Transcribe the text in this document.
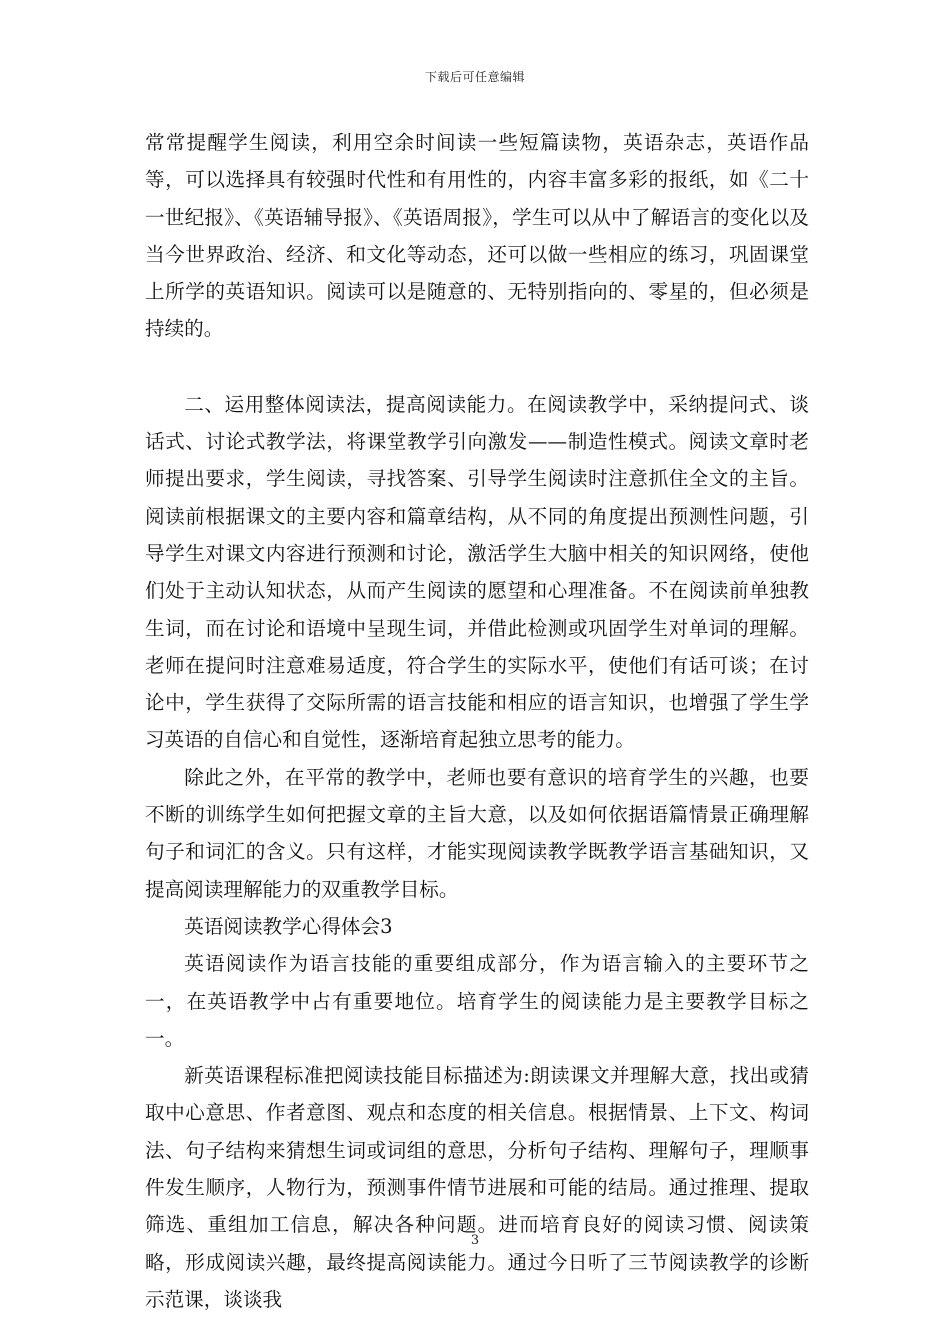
下载后可任意编辑

常常提醒学生阅读，利用空余时间读一些短篇读物，英语杂志，英语作品等，可以选择具有较强时代性和有用性的，内容丰富多彩的报纸，如《二十一世纪报》、《英语辅导报》、《英语周报》，学生可以从中了解语言的变化以及当今世界政治、经济、和文化等动态，还可以做一些相应的练习，巩固课堂上所学的英语知识。阅读可以是随意的、无特别指向的、零星的，但必须是持续的。

二、运用整体阅读法，提高阅读能力。在阅读教学中，采纳提问式、谈话式、讨论式教学法，将课堂教学引向激发——制造性模式。阅读文章时老师提出要求，学生阅读，寻找答案、引导学生阅读时注意抓住全文的主旨。阅读前根据课文的主要内容和篇章结构，从不同的角度提出预测性问题，引导学生对课文内容进行预测和讨论，激活学生大脑中相关的知识网络，使他们处于主动认知状态，从而产生阅读的愿望和心理准备。不在阅读前单独教生词，而在讨论和语境中呈现生词，并借此检测或巩固学生对单词的理解。老师在提问时注意难易适度，符合学生的实际水平，使他们有话可谈；在讨论中，学生获得了交际所需的语言技能和相应的语言知识，也增强了学生学习英语的自信心和自觉性，逐渐培育起独立思考的能力。

除此之外，在平常的教学中，老师也要有意识的培育学生的兴趣，也要不断的训练学生如何把握文章的主旨大意，以及如何依据语篇情景正确理解句子和词汇的含义。只有这样，才能实现阅读教学既教学语言基础知识，又提高阅读理解能力的双重教学目标。

英语阅读教学心得体会3

英语阅读作为语言技能的重要组成部分，作为语言输入的主要环节之一，在英语教学中占有重要地位。培育学生的阅读能力是主要教学目标之一。

新英语课程标准把阅读技能目标描述为:朗读课文并理解大意，找出或猜取中心意思、作者意图、观点和态度的相关信息。根据情景、上下文、构词法、句子结构来猜想生词或词组的意思，分析句子结构、理解句子，理顺事件发生顺序，人物行为，预测事件情节进展和可能的结局。通过推理、提取筛选、重组加工信息，解决各种问题。进而培育良好的阅读习惯、阅读策略，形成阅读兴趣，最终提高阅读能力。通过今日听了三节阅读教学的诊断示范课，谈谈我

3
